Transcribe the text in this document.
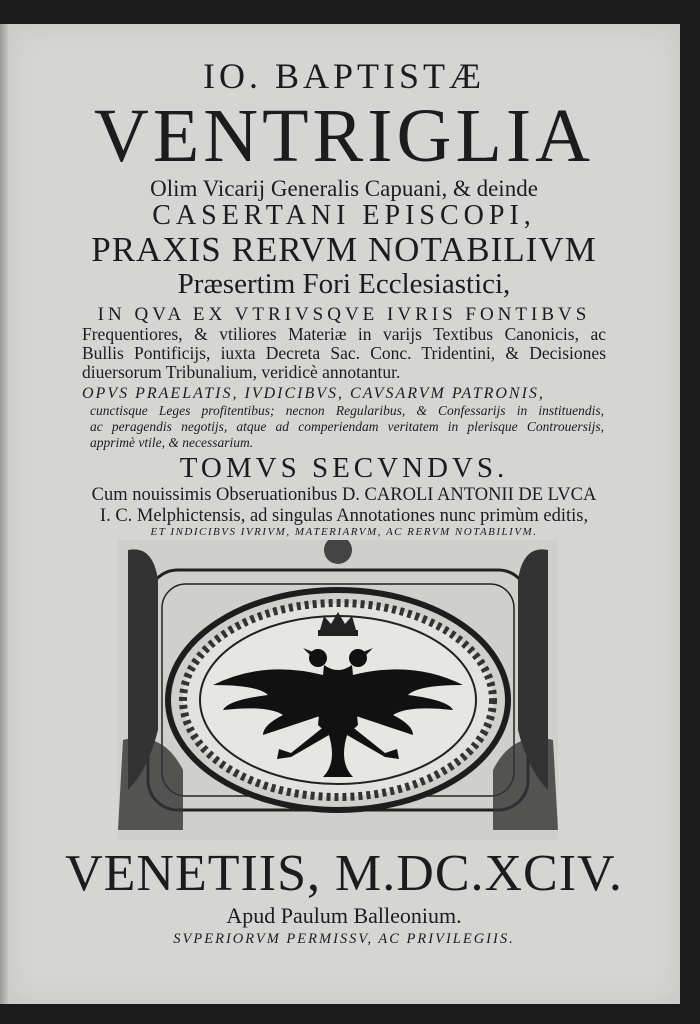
IO. BAPTISTÆ
VENTRIGLIA
Olim Vicarij Generalis Capuani, & deinde
CASERTANI EPISCOPI,
PRAXIS RERVM NOTABILIVM
Præsertim Fori Ecclesiastici,
IN QVA EX VTRIVSQVE IVRIS FONTIBVS
Frequentiores, & vtiliores Materiæ in varijs Textibus Canonicis, ac
Bullis Pontificijs, iuxta Decreta Sac. Conc. Tridentini, & Decisiones
diuersorum Tribunalium, veridicè annotantur.
OPVS PRAELATIS, IVDICIBVS, CAVSARVM PATRONIS,
cunctisque Leges profitentibus; necnon Regularibus, & Confessarijs in instituendis,
ac peragendis negotijs, atque ad comperiendam veritatem in plerisque Controuersijs,
apprimè vtile, & necessarium.
TOMVS SECVNDVS.
Cum nouissimis Obseruationibus D. CAROLI ANTONII DE LVCA
I. C. Melphictensis, ad singulas Annotationes nunc primùm editis,
ET INDICIBVS IVRIVM, MATERIARVM, AC RERVM NOTABILIVM.
VENETIIS, M.DC.XCIV.
Apud Paulum Balleonium.
SVPERIORVM PERMISSV, AC PRIVILEGIIS.
